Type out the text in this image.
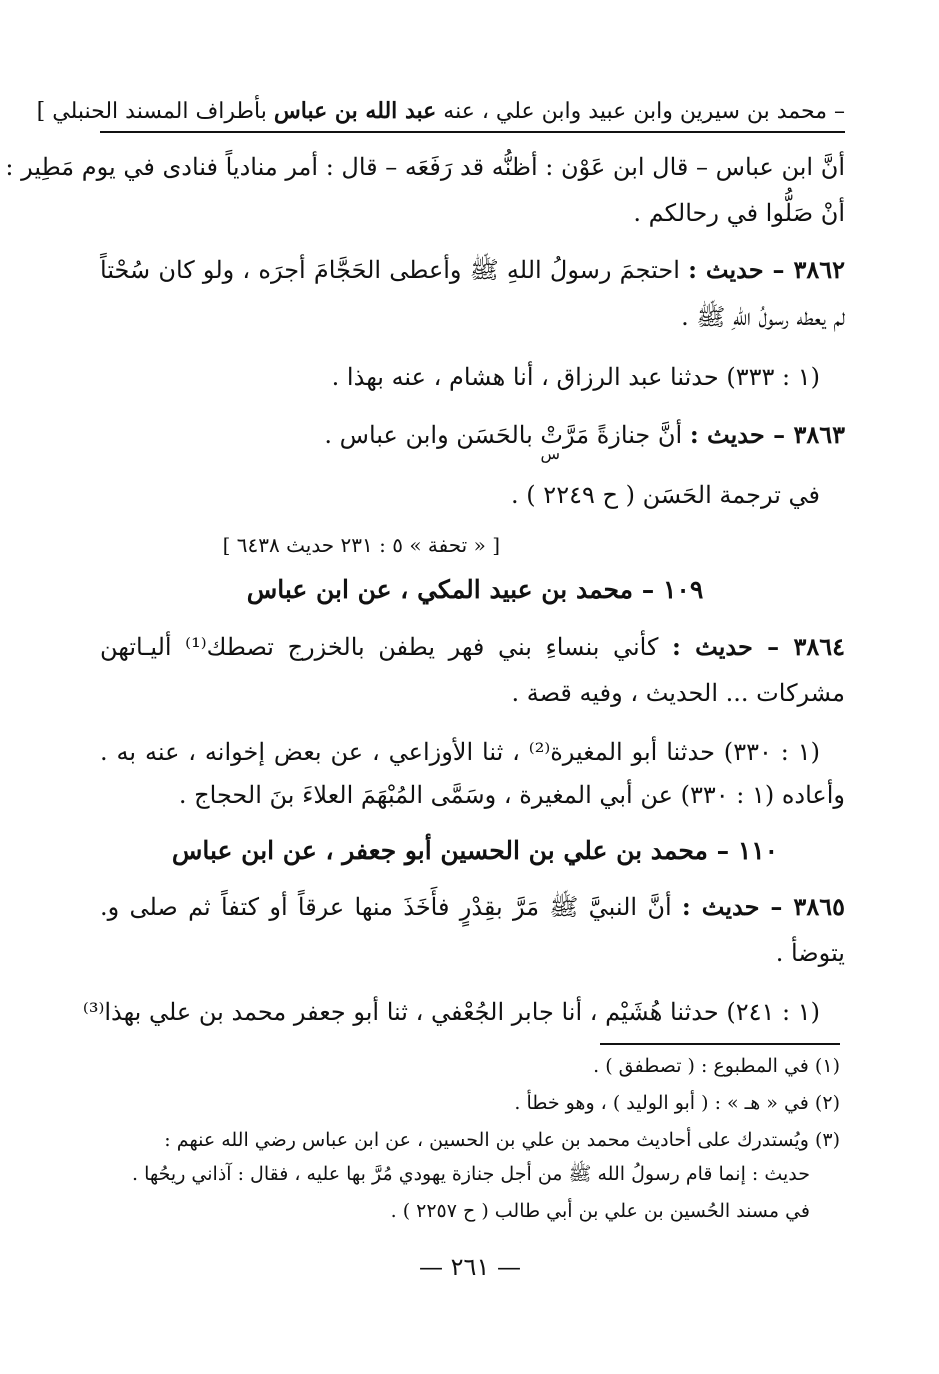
– محمد بن سيرين وابن عبيد وابن علي ، عنه عبد الله بن عباس بأطراف المسند الحنبلي ]
أنَّ ابن عباس – قال ابن عَوْن : أظنُّه قد رَفَعَه – قال : أمر منادياً فنادى في يوم مَطِير :
أنْ صَلُّوا في رحالكم .
٣٨٦٢ – حديث : احتجمَ رسولُ اللهِ ﷺ وأعطى الحَجَّامَ أجرَه ، ولو كان سُحْتاً
لم يعطه رسولُ اللهِ ﷺ .
(١ : ٣٣٣) حدثنا عبد الرزاق ، أنا هشام ، عنه بهذا .
٣٨٦٣ – حديث : أنَّ جنازةً مَرَّتْ بالحَسَن وابن عباس .
س
في ترجمة الحَسَن ( ح ٢٢٤٩ ) .
[ « تحفة » ٥ : ٢٣١ حديث ٦٤٣٨ ]
١٠٩ – محمد بن عبيد المكي ، عن ابن عباس
٣٨٦٤ – حديث : كأني بنساءِ بني فهر يطفن بالخزرج تصطك⁽¹⁾ أليـاتهن
مشركات ... الحديث ، وفيه قصة .
(١ : ٣٣٠) حدثنا أبو المغيرة⁽²⁾ ، ثنا الأوزاعي ، عن بعض إخوانه ، عنه به .
وأعاده (١ : ٣٣٠) عن أبي المغيرة ، وسَمَّى المُبْهَمَ العلاءَ بنَ الحجاج .
١١٠ – محمد بن علي بن الحسين أبو جعفر ، عن ابن عباس
٣٨٦٥ – حديث : أنَّ النبيَّ ﷺ مَرَّ بقِدْرٍ فأَخَذَ منها عرقاً أو كتفاً ثم صلى و.
يتوضأ .
(١ : ٢٤١) حدثنا هُشَيْم ، أنا جابر الجُعْفي ، ثنا أبو جعفر محمد بن علي بهذا⁽³⁾
(١) في المطبوع : ( تصطفق ) .
(٢) في « هـ » : ( أبو الوليد ) ، وهو خطأ .
(٣) ويُستدرك على أحاديث محمد بن علي بن الحسين ، عن ابن عباس رضي الله عنهم :
حديث : إنما قام رسولُ الله ﷺ من أجل جنازة يهودي مُرَّ بها عليه ، فقال : آذاني ريحُها .
في مسند الحُسين بن علي بن أبي طالب ( ح ٢٢٥٧ ) .
— ٢٦١ —
